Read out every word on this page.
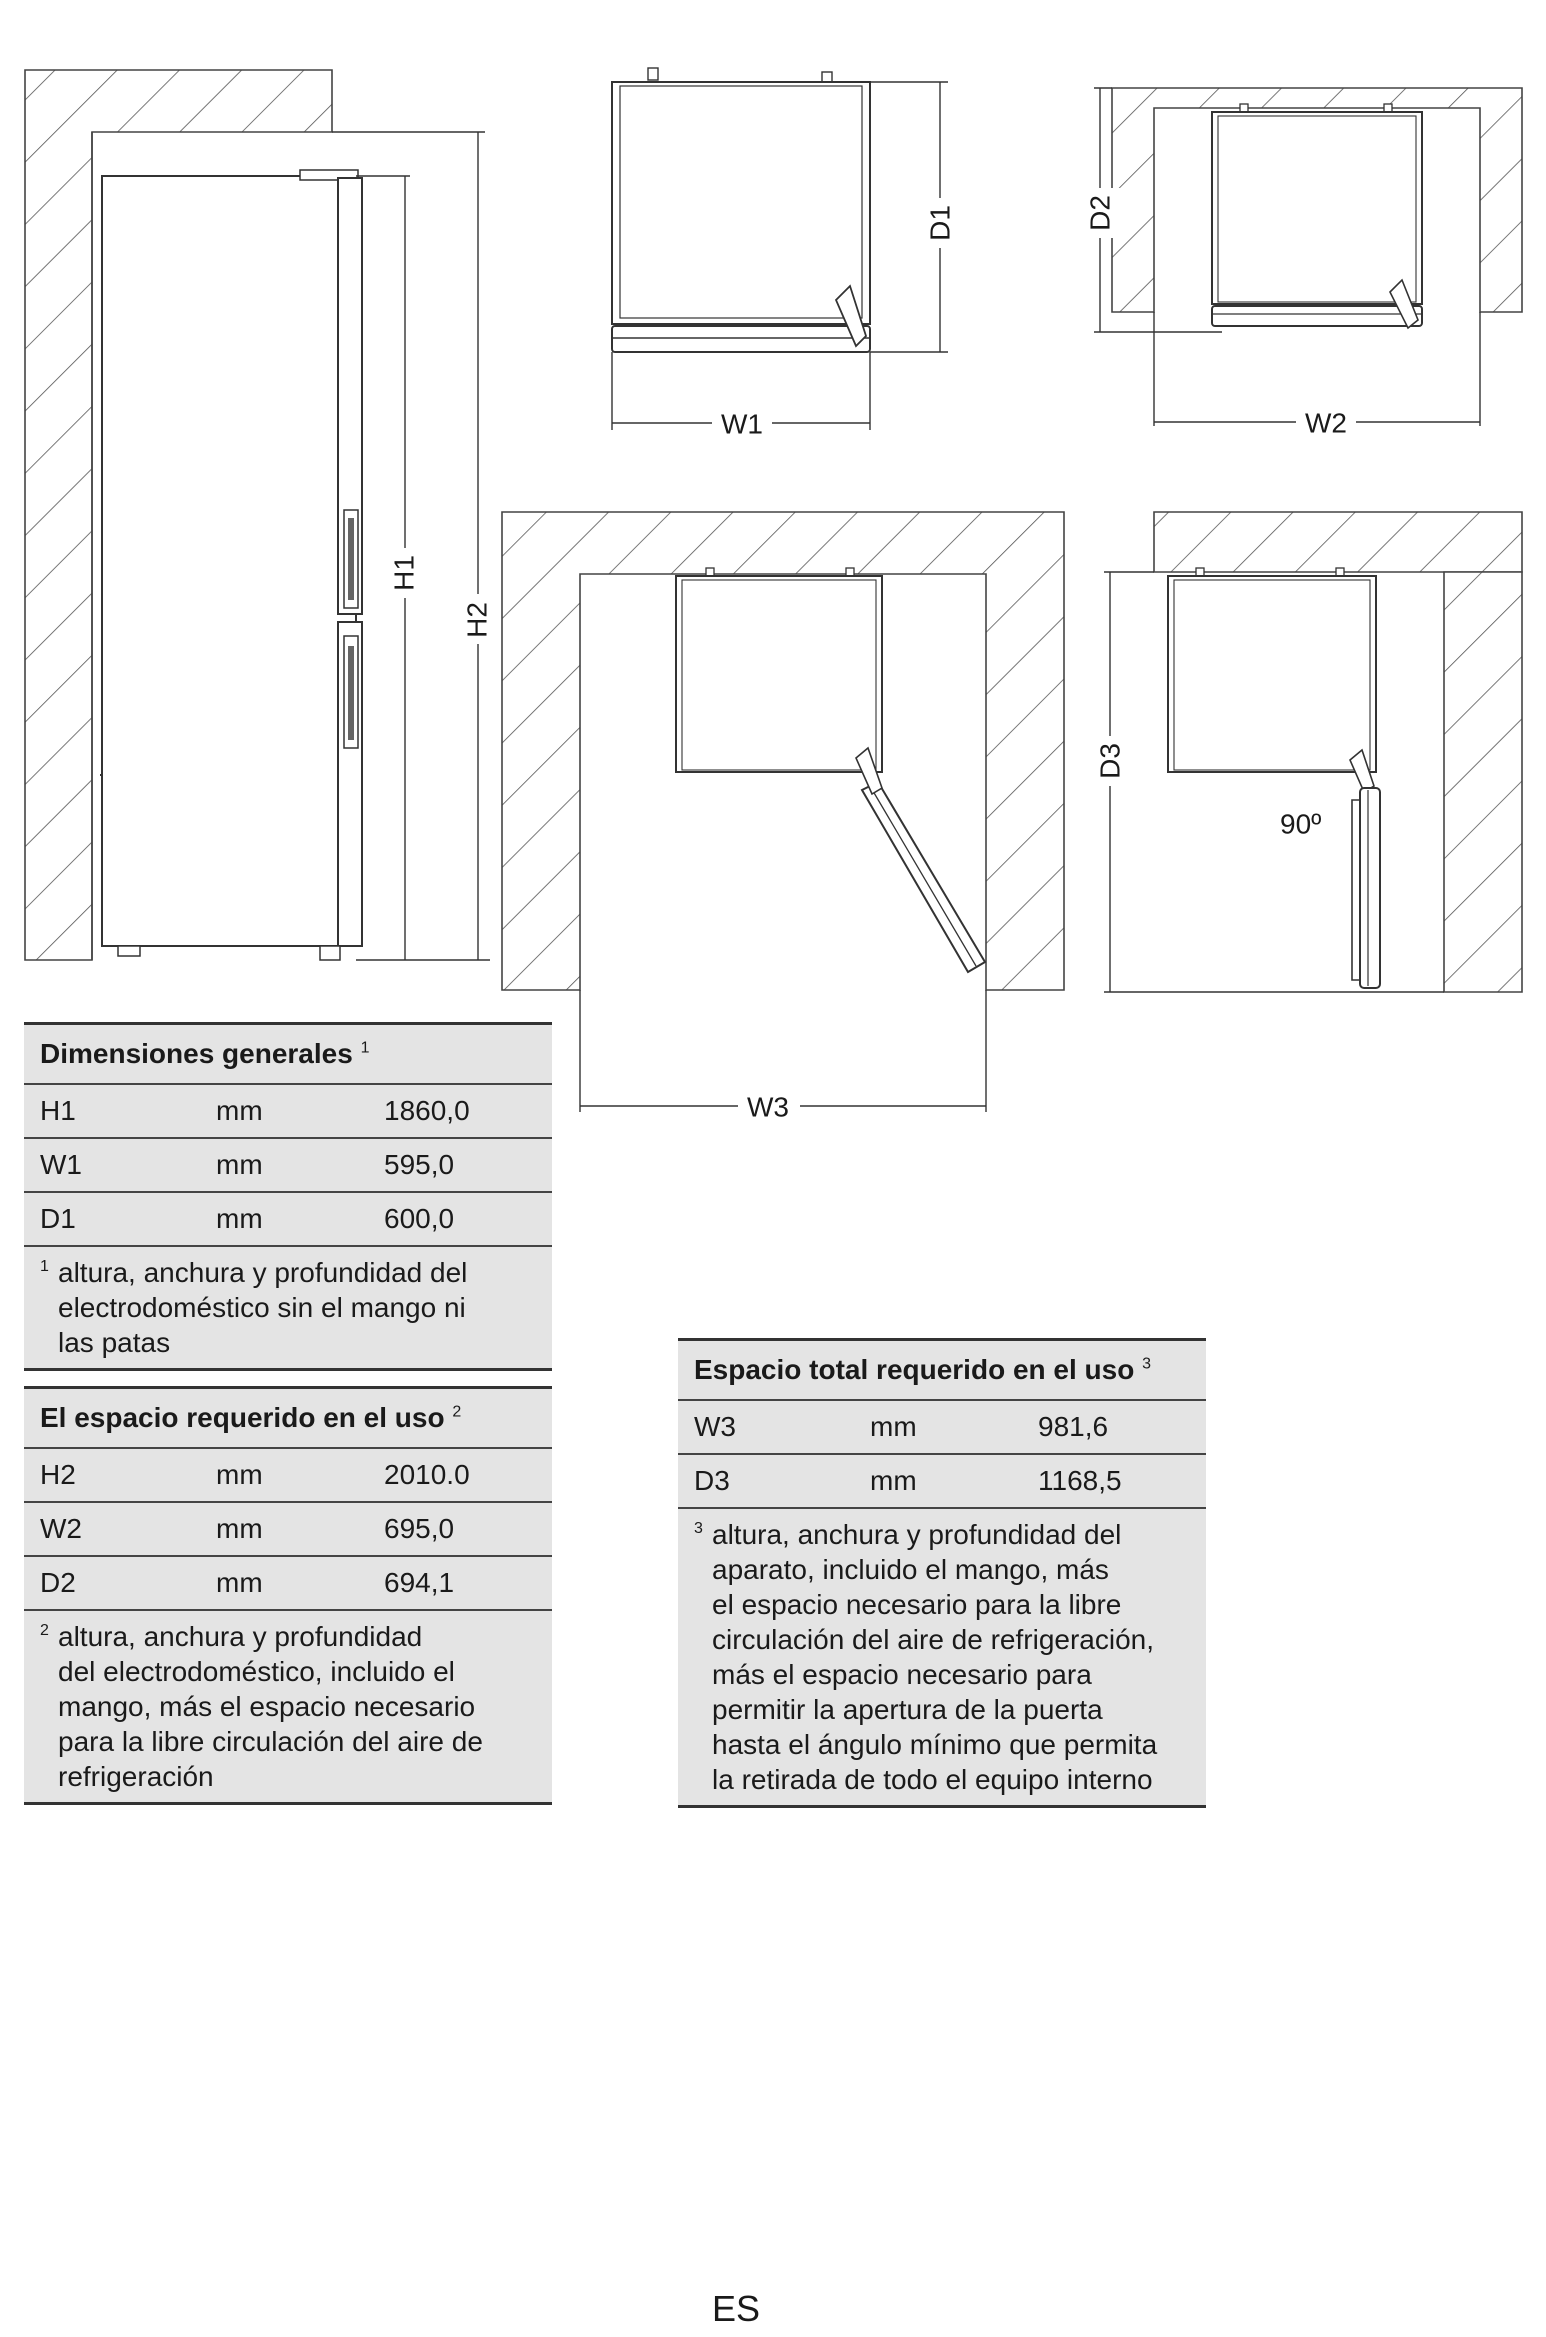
H1
H2
W1
D1
W2
D2
90º
D3
W3
Dimensiones generales $^1$
H1	mm	1860,0
W1	mm	595,0
D1	mm	600,0
1 altura, anchura y profundidad del
electrodoméstico sin el mango ni
las patas
El espacio requerido en el uso $^2$
H2	mm	2010.0
W2	mm	695,0
D2	mm	694,1
2 altura, anchura y profundidad
del electrodoméstico, incluido el
mango, más el espacio necesario
para la libre circulación del aire de
refrigeración
Espacio total requerido en el uso $^3$
W3	mm	981,6
D3	mm	1168,5
3 altura, anchura y profundidad del
aparato, incluido el mango, más
el espacio necesario para la libre
circulación del aire de refrigeración,
más el espacio necesario para
permitir la apertura de la puerta
hasta el ángulo mínimo que permita
la retirada de todo el equipo interno
ES
